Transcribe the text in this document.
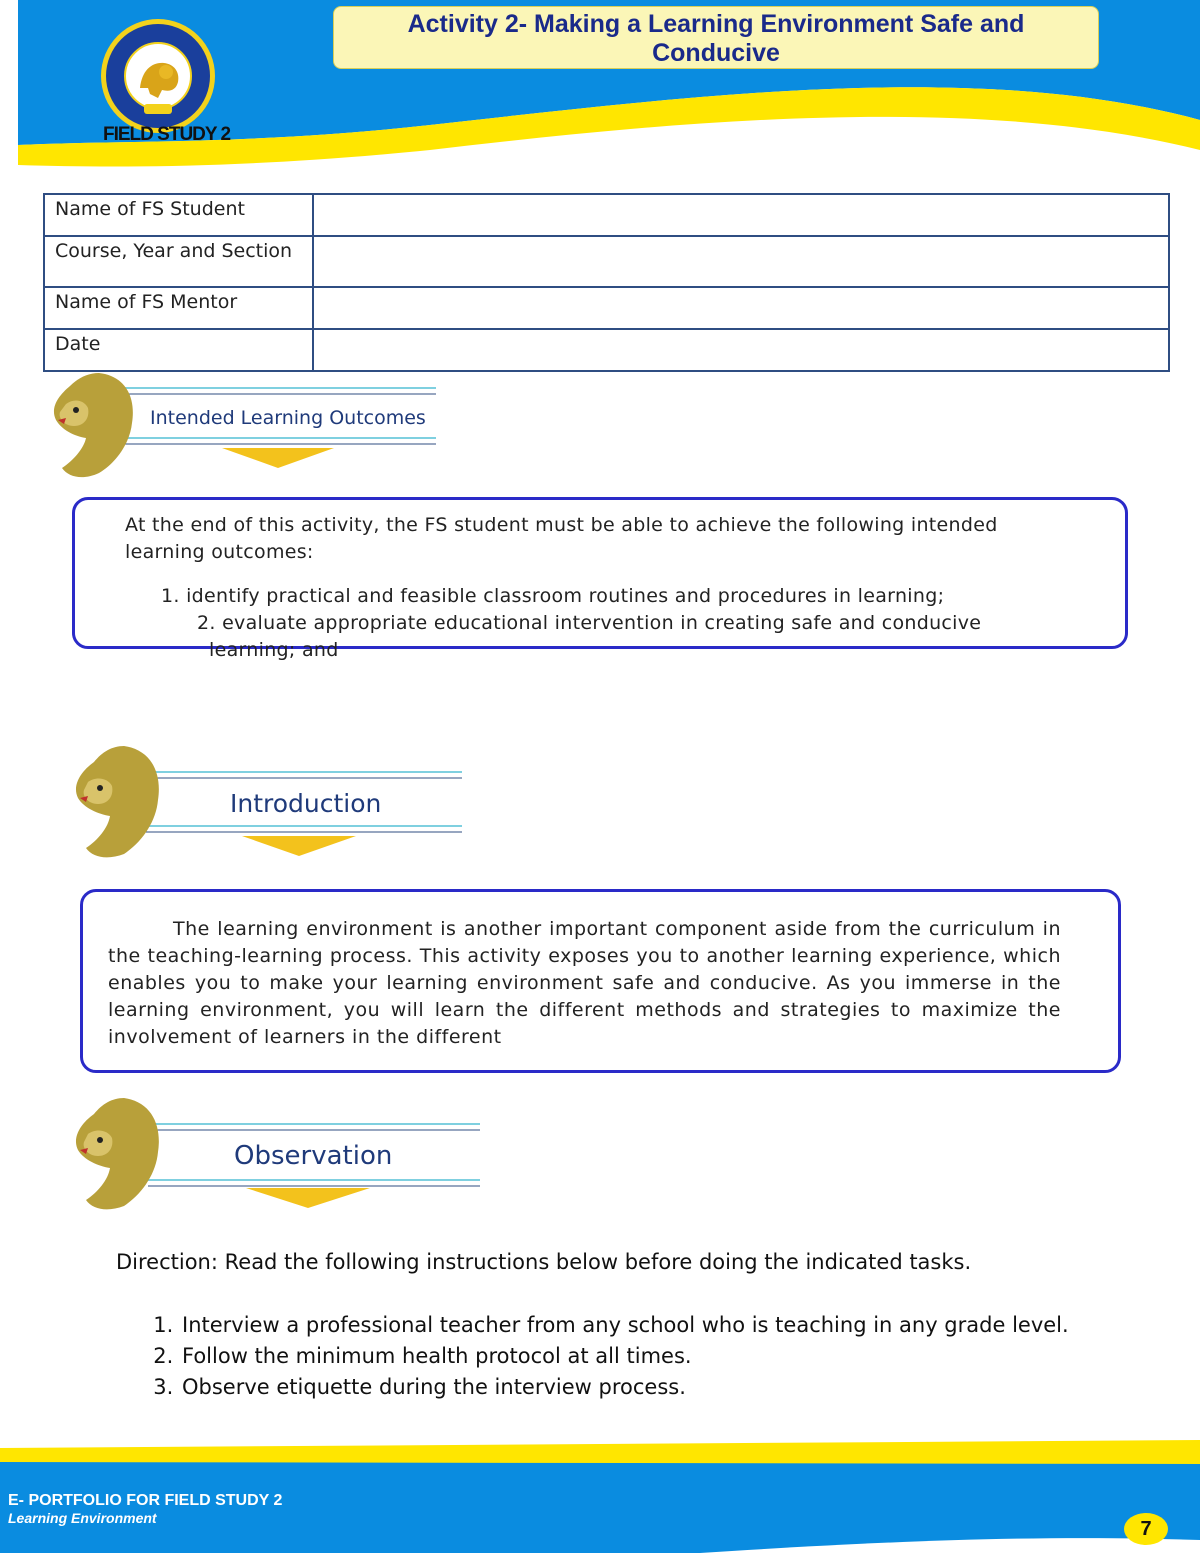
Activity 2- Making a Learning Environment Safe and
Conducive
FIELD STUDY 2
Name of FS Student	
Course, Year and Section	
Name of FS Mentor	
Date	
Intended Learning Outcomes
At the end of this activity, the FS student must be able to achieve the following intended learning outcomes:
1. identify practical and feasible classroom routines and procedures in learning;
2. evaluate appropriate educational intervention in creating safe and conducive
learning; and
Introduction
The learning environment is another important component aside from the curriculum in the teaching-learning process. This activity exposes you to another learning experience, which enables you to make your learning environment safe and conducive. As you immerse in the learning environment, you will learn the different methods and strategies to maximize the involvement of learners in the different
Observation
Direction: Read the following instructions below before doing the indicated tasks.
1. Interview a professional teacher from any school who is teaching in any grade level.
2. Follow the minimum health protocol at all times.
3. Observe etiquette during the interview process.
E- PORTFOLIO FOR FIELD STUDY 2
Learning Environment	7
